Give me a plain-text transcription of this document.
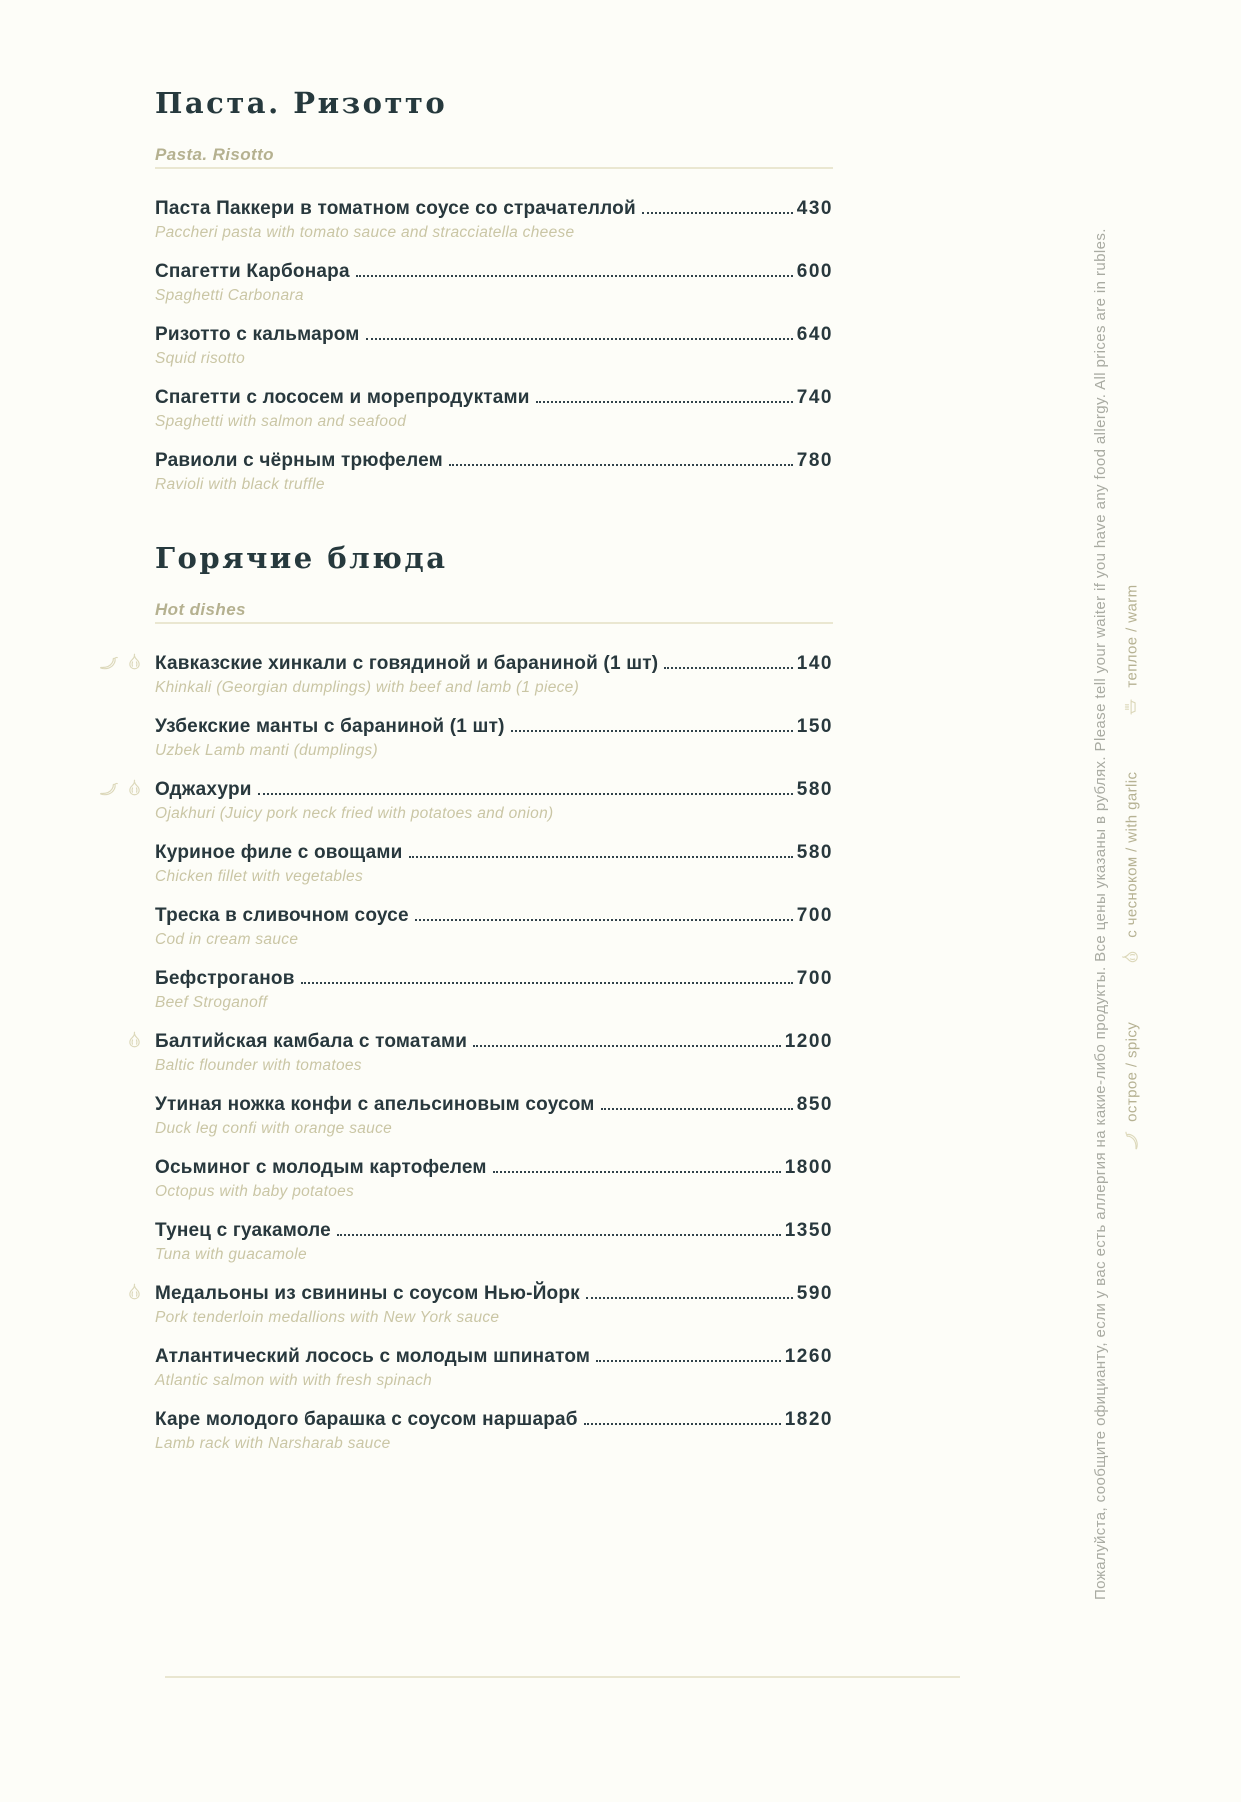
Паста. Ризотто
Pasta. Risotto
Паста Паккери в томатном соусе со страчателлой	430
Paccheri pasta with tomato sauce and stracciatella cheese
Спагетти Карбонара	600
Spaghetti Carbonara
Ризотто с кальмаром	640
Squid risotto
Спагетти с лососем и морепродуктами	740
Spaghetti with salmon and seafood
Равиоли с чёрным трюфелем	780
Ravioli with black truffle
Горячие блюда
Hot dishes
Кавказские хинкали с говядиной и бараниной (1 шт)	140
Khinkali (Georgian dumplings) with beef and lamb (1 piece)
Узбекские манты с бараниной (1 шт)	150
Uzbek Lamb manti (dumplings)
Оджахури	580
Ojakhuri (Juicy pork neck fried with potatoes and onion)
Куриное филе с овощами	580
Chicken fillet with vegetables
Треска в сливочном соусе	700
Cod in cream sauce
Бефстроганов	700
Beef Stroganoff
Балтийская камбала с томатами	1200
Baltic flounder with tomatoes
Утиная ножка конфи с апельсиновым соусом	850
Duck leg confi with orange sauce
Осьминог с молодым картофелем	1800
Octopus with baby potatoes
Тунец с гуакамоле	1350
Tuna with guacamole
Медальоны из свинины с соусом Нью-Йорк	590
Pork tenderloin medallions with New York sauce
Атлантический лосось с молодым шпинатом	1260
Atlantic salmon with with fresh spinach
Каре молодого барашка с соусом наршараб	1820
Lamb rack with Narsharab sauce	Пожалуйста, сообщите официанту, если у вас есть аллергия на какие-либо продукты. Все цены указаны в рублях. Please tell your waiter if you have any food allergy. All prices are in rubles. теплое / warm
с чесноком / with garlic
острое / spicy
